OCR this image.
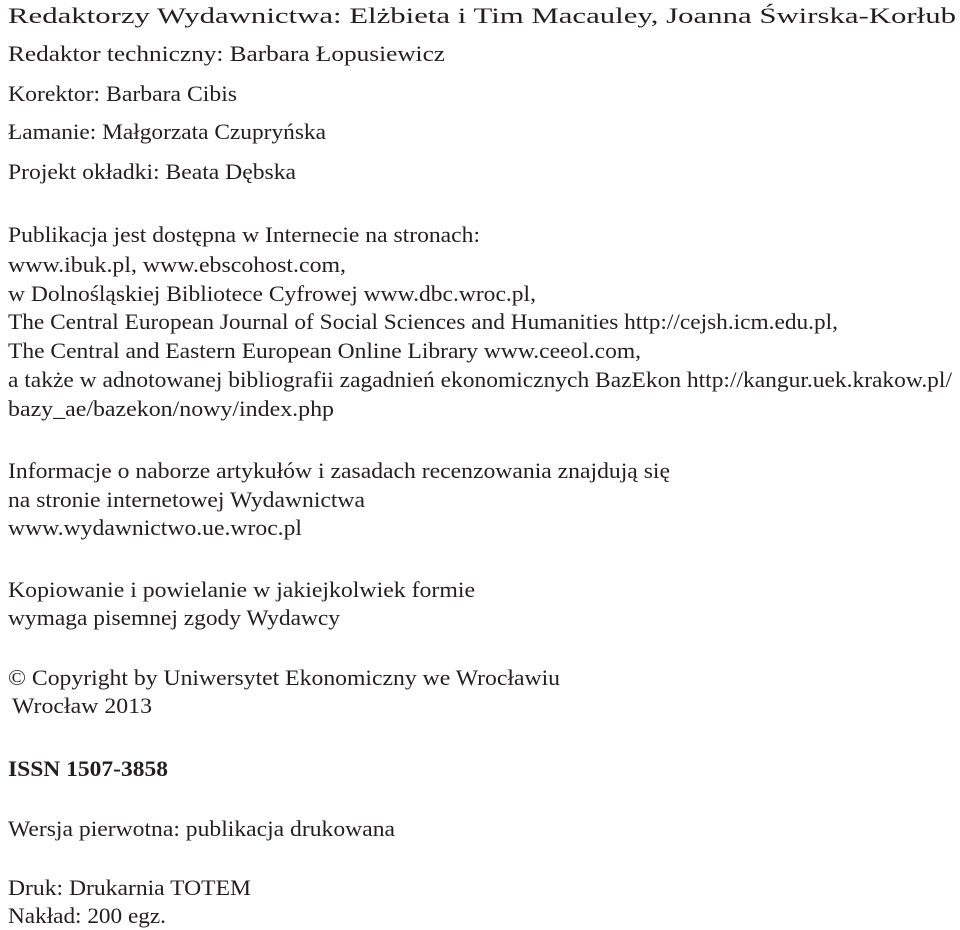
Redaktorzy Wydawnictwa: Elżbieta i Tim Macauley, Joanna Świrska-Korłub
Redaktor techniczny: Barbara Łopusiewicz
Korektor: Barbara Cibis
Łamanie: Małgorzata Czupryńska
Projekt okładki: Beata Dębska
Publikacja jest dostępna w Internecie na stronach:
www.ibuk.pl, www.ebscohost.com,
w Dolnośląskiej Bibliotece Cyfrowej www.dbc.wroc.pl,
The Central European Journal of Social Sciences and Humanities http://cejsh.icm.edu.pl,
The Central and Eastern European Online Library www.ceeol.com,
a także w adnotowanej bibliografii zagadnień ekonomicznych BazEkon http://kangur.uek.krakow.pl/
bazy_ae/bazekon/nowy/index.php
Informacje o naborze artykułów i zasadach recenzowania znajdują się
na stronie internetowej Wydawnictwa
www.wydawnictwo.ue.wroc.pl
Kopiowanie i powielanie w jakiejkolwiek formie
wymaga pisemnej zgody Wydawcy
© Copyright by Uniwersytet Ekonomiczny we Wrocławiu
Wrocław 2013
ISSN 1507-3858
Wersja pierwotna: publikacja drukowana
Druk: Drukarnia TOTEM
Nakład: 200 egz.
